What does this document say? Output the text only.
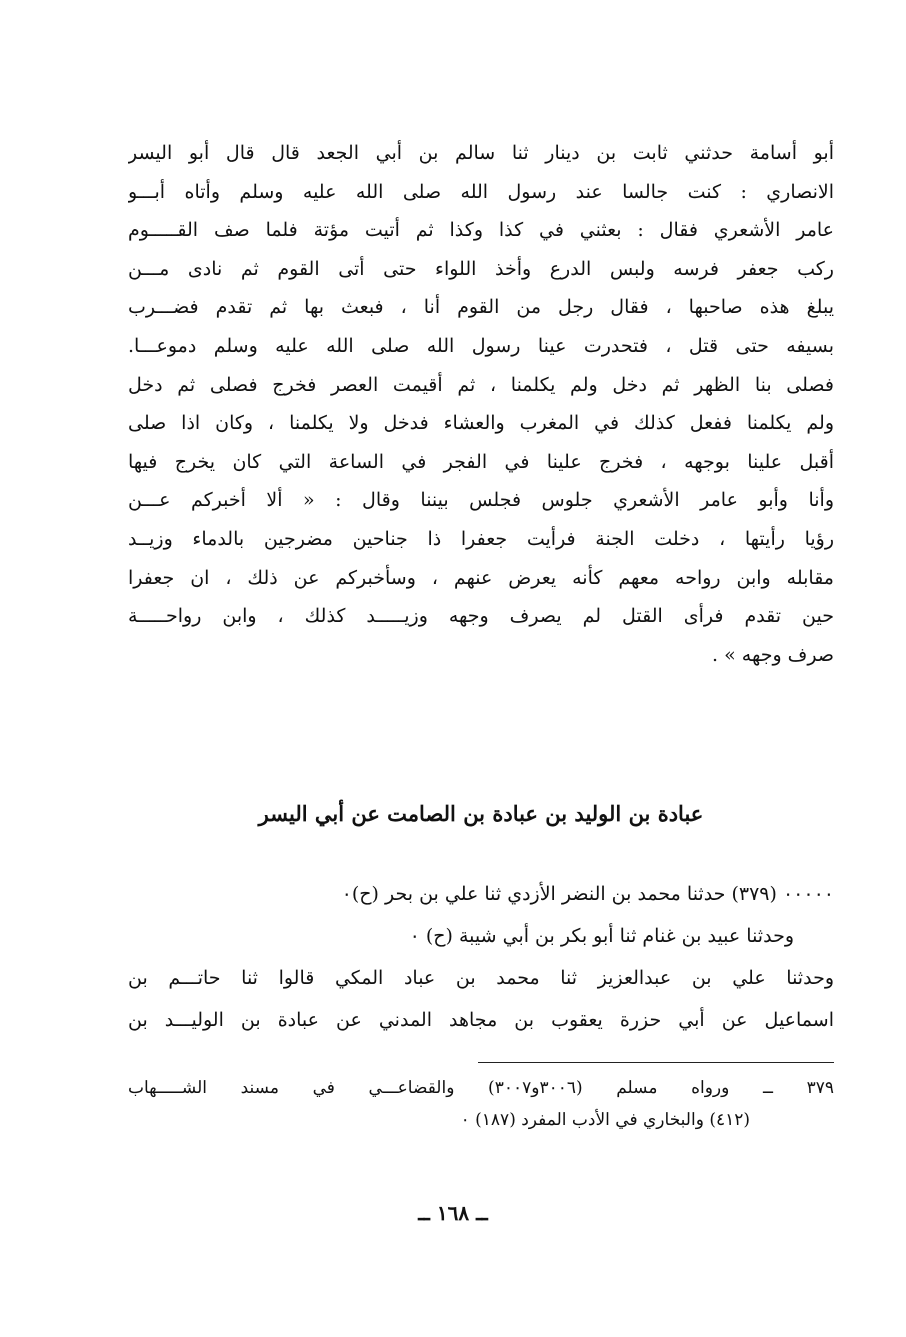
أبو أسامة حدثني ثابت بن دينار ثنا سالم بن أبي الجعد قال قال أبو اليسر
الانصاري : كنت جالسا عند رسول الله صلى الله عليه وسلم وأتاه أبـــو
عامر الأشعري فقال : بعثني في كذا وكذا ثم أتيت مؤتة فلما صف القـــــوم
ركب جعفر فرسه ولبس الدرع وأخذ اللواء حتى أتى القوم ثم نادى مـــن
يبلغ هذه صاحبها ، فقال رجل من القوم أنا ، فبعث بها ثم تقدم فضـــرب
بسيفه حتى قتل ، فتحدرت عينا رسول الله صلى الله عليه وسلم دموعـــا.
فصلى بنا الظهر ثم دخل ولم يكلمنا ، ثم أقيمت العصر فخرج فصلى ثم دخل
ولم يكلمنا ففعل كذلك في المغرب والعشاء فدخل ولا يكلمنا ، وكان اذا صلى
أقبل علينا بوجهه ، فخرج علينا في الفجر في الساعة التي كان يخرج فيها
وأنا وأبو عامر الأشعري جلوس فجلس بيننا وقال : « ألا أخبركم عـــن
رؤيا رأيتها ، دخلت الجنة فرأيت جعفرا ذا جناحين مضرجين بالدماء وزيــد
مقابله وابن رواحه معهم كأنه يعرض عنهم ، وسأخبركم عن ذلك ، ان جعفرا
حين تقدم فرأى القتل لم يصرف وجهه وزيـــــد كذلك ، وابن رواحـــــة
صرف وجهه » .
عبادة بن الوليد بن عبادة بن الصامت عن أبي اليسر
٠٠٠٠٠ (٣٧٩) حدثنا محمد بن النضر الأزدي ثنا علي بن بحر (ح)٠
وحدثنا عبيد بن غنام ثنا أبو بكر بن أبي شيبة (ح) ٠
وحدثنا علي بن عبدالعزيز ثنا محمد بن عباد المكي قالوا ثنا حاتـــم بن
اسماعيل عن أبي حزرة يعقوب بن مجاهد المدني عن عبادة بن الوليـــد بن
٣٧٩ ــ ورواه مسلم (٣٠٠٦و٣٠٠٧) والقضاعـــي في مسند الشـــــهاب
(٤١٢) والبخاري في الأدب المفرد (١٨٧) ٠
ــ ١٦٨ ــ
